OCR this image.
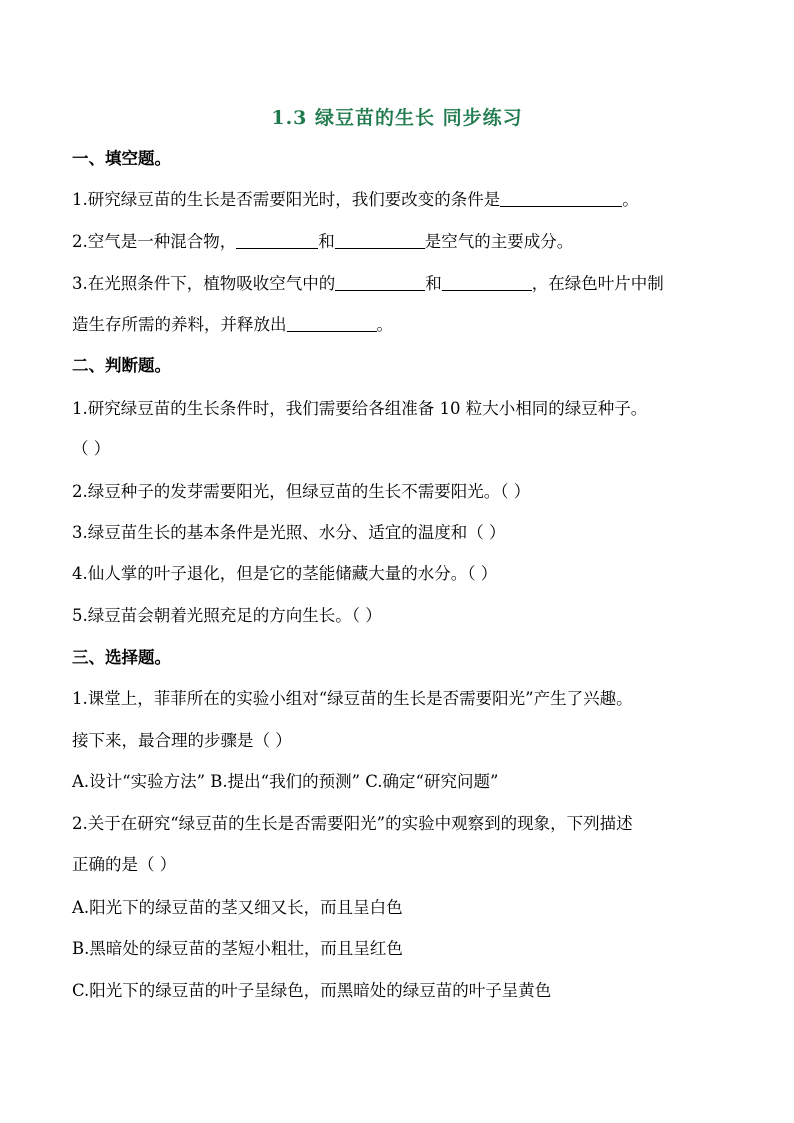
1.3 绿豆苗的生长 同步练习
一、填空题。
1.研究绿豆苗的生长是否需要阳光时，我们要改变的条件是	。
2.空气是一种混合物，	和	是空气的主要成分。
3.在光照条件下，植物吸收空气中的	和	，在绿色叶片中制
造生存所需的养料，并释放出	。
二、判断题。
1.研究绿豆苗的生长条件时，我们需要给各组准备 10 粒大小相同的绿豆种子。
（ ）
2.绿豆种子的发芽需要阳光，但绿豆苗的生长不需要阳光。（ ）
3.绿豆苗生长的基本条件是光照、水分、适宜的温度和（ ）
4.仙人掌的叶子退化，但是它的茎能储藏大量的水分。（ ）
5.绿豆苗会朝着光照充足的方向生长。（ ）
三、选择题。
1.课堂上，菲菲所在的实验小组对“绿豆苗的生长是否需要阳光”产生了兴趣。
接下来，最合理的步骤是（ ）
A.设计“实验方法” B.提出“我们的预测” C.确定“研究问题”
2.关于在研究“绿豆苗的生长是否需要阳光”的实验中观察到的现象，下列描述
正确的是（ ）
A.阳光下的绿豆苗的茎又细又长，而且呈白色
B.黑暗处的绿豆苗的茎短小粗壮，而且呈红色
C.阳光下的绿豆苗的叶子呈绿色，而黑暗处的绿豆苗的叶子呈黄色
